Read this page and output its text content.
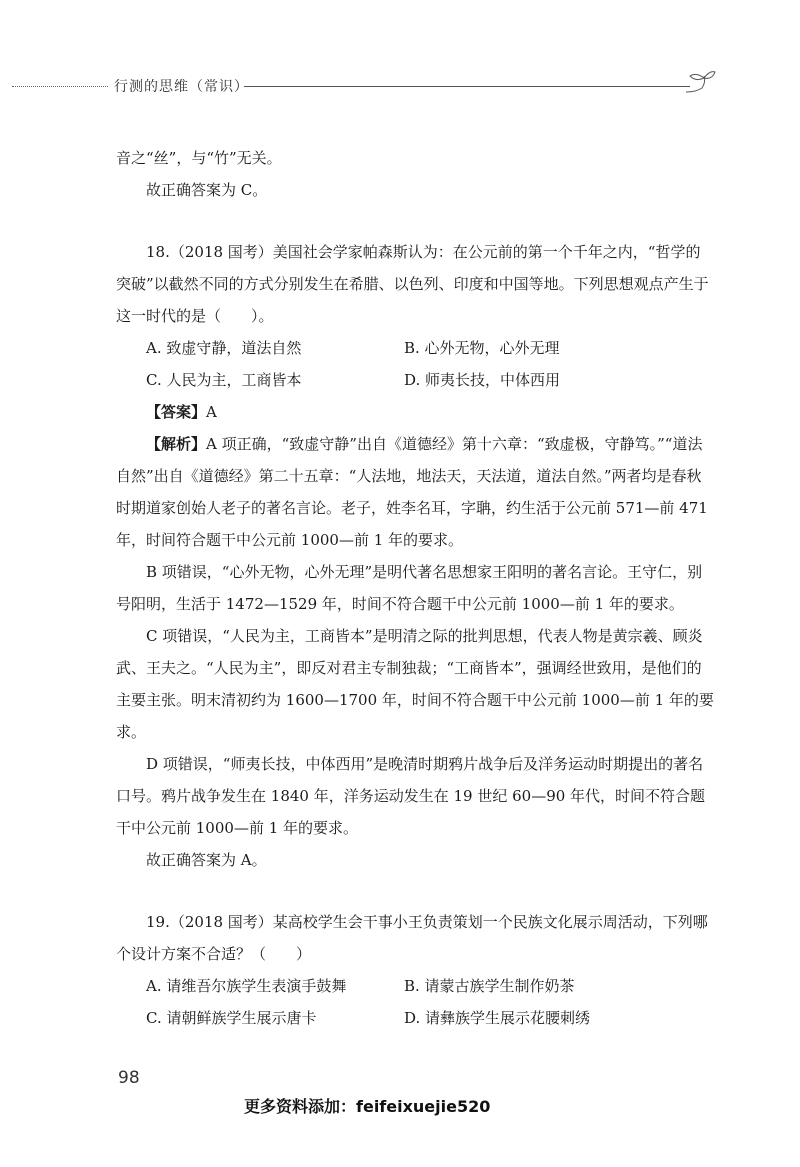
行测的思维（常识）

音之“丝”，与“竹”无关。

故正确答案为 C。

18.（2018 国考）美国社会学家帕森斯认为：在公元前的第一个千年之内，“哲学的突破”以截然不同的方式分别发生在希腊、以色列、印度和中国等地。下列思想观点产生于这一时代的是（　　）。

A. 致虚守静，道法自然	B. 心外无物，心外无理
C. 人民为主，工商皆本	D. 师夷长技，中体西用

【答案】A

【解析】A 项正确，“致虚守静”出自《道德经》第十六章：“致虚极，守静笃。”“道法自然”出自《道德经》第二十五章：“人法地，地法天，天法道，道法自然。”两者均是春秋时期道家创始人老子的著名言论。老子，姓李名耳，字聃，约生活于公元前 571—前 471 年，时间符合题干中公元前 1000—前 1 年的要求。

B 项错误，“心外无物，心外无理”是明代著名思想家王阳明的著名言论。王守仁，别号阳明，生活于 1472—1529 年，时间不符合题干中公元前 1000—前 1 年的要求。

C 项错误，“人民为主，工商皆本”是明清之际的批判思想，代表人物是黄宗羲、顾炎武、王夫之。“人民为主”，即反对君主专制独裁；“工商皆本”，强调经世致用，是他们的主要主张。明末清初约为 1600—1700 年，时间不符合题干中公元前 1000—前 1 年的要求。

D 项错误，“师夷长技，中体西用”是晚清时期鸦片战争后及洋务运动时期提出的著名口号。鸦片战争发生在 1840 年，洋务运动发生在 19 世纪 60—90 年代，时间不符合题干中公元前 1000—前 1 年的要求。

故正确答案为 A。

19.（2018 国考）某高校学生会干事小王负责策划一个民族文化展示周活动，下列哪个设计方案不合适？（　　）

A. 请维吾尔族学生表演手鼓舞	B. 请蒙古族学生制作奶茶
C. 请朝鲜族学生展示唐卡	D. 请彝族学生展示花腰刺绣
98
更多资料添加：feifeixuejie520
